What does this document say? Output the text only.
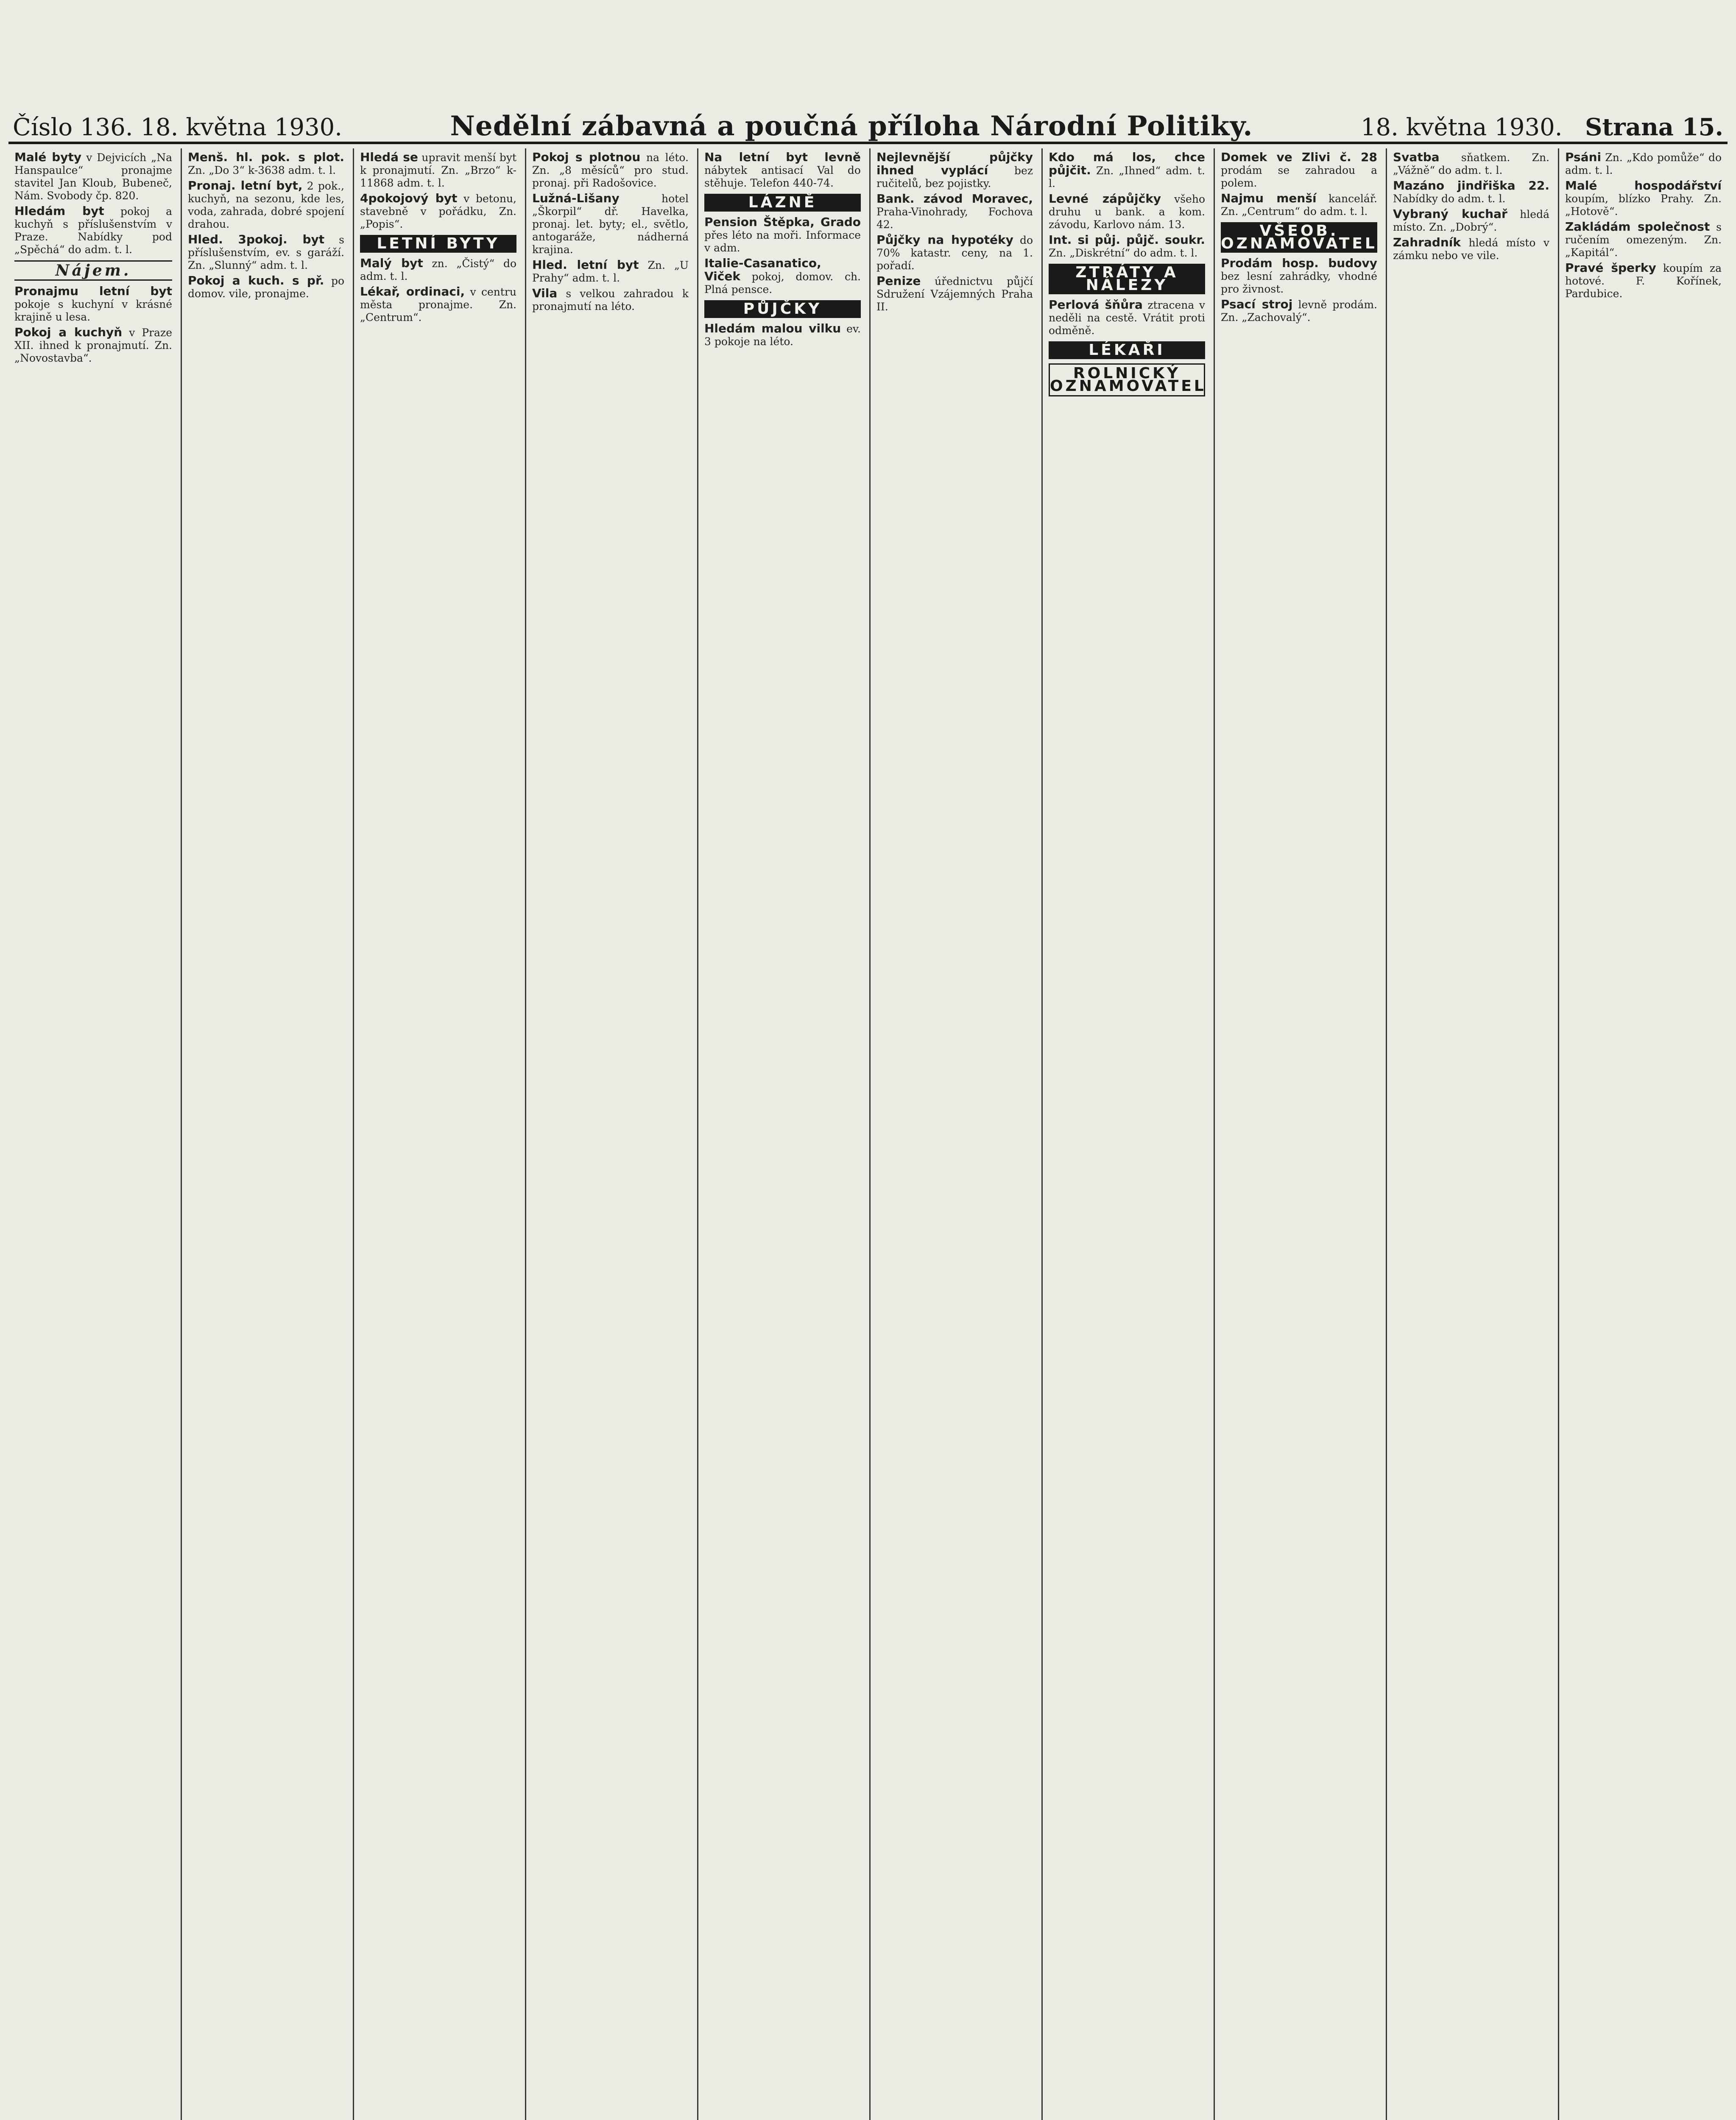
Číslo 136. 18. května 1930.	Nedělní zábavná a poučná příloha Národní Politiky.	18. května 1930. Strana 15.
Malé byty v Dejvicích „Na Hanspaulce“ pronajme stavitel Jan Kloub, Bubeneč, Nám. Svobody čp. 820.
Hledám byt pokoj a kuchyň s příslušenstvím v Praze. Nabídky pod „Spěchá“ do adm. t. l.
Nájem.
Pronajmu letní byt pokoje s kuchyní v krásné krajině u lesa.
Pokoj a kuchyň v Praze XII. ihned k pronajmutí. Zn. „Novostavba“.
Menš. hl. pok. s plot. Zn. „Do 3“ k-3638 adm. t. l.
Pronaj. letní byt, 2 pok., kuchyň, na sezonu, kde les, voda, zahrada, dobré spojení drahou.
Hled. 3pokoj. byt s příslušenstvím, ev. s garáží. Zn. „Slunný“ adm. t. l.
Pokoj a kuch. s př. po domov. vile, pronajme.
Hledá se upravit menší byt k pronajmutí. Zn. „Brzo“ k-11868 adm. t. l.
4pokojový byt v betonu, stavebně v pořádku, Zn. „Popis“.
LETNÍ BYTY
Malý byt zn. „Čistý“ do adm. t. l.
Lékař, ordinaci, v centru města pronajme. Zn. „Centrum“.
Pokoj s plotnou na léto. Zn. „8 měsíců“ pro stud. pronaj. při Radošovice.
Lužná-Lišany	hotel „Škorpil“ dř. Havelka, pronaj. let. byty; el., světlo, antogaráže, nádherná krajina.
Hled. letní byt Zn. „U Prahy“ adm. t. l.
Vila s velkou zahradou k pronajmutí na léto.
Na letní byt levně nábytek antisací Val do stěhuje. Telefon 440-74.
LÁZNĚ
Pension Štěpka, Grado přes léto na moři. Informace v adm.
Italie-Casanatico, Viček pokoj, domov. ch. Plná pensce.
PŮJČKY
Hledám malou vilku ev. 3 pokoje na léto.
Nejlevnější půjčky ihned vyplácí bez ručitelů, bez pojistky.
Bank. závod Moravec, Praha-Vinohrady, Fochova 42.
Půjčky na hypotéky do 70% katastr. ceny, na 1. pořadí.
Penize úřednictvu půjčí Sdružení Vzájemných Praha II.
Kdo má los, chce půjčit. Zn. „Ihned“ adm. t. l.
Levné zápůjčky všeho druhu u bank. a kom. závodu, Karlovo nám. 13.
Int. si půj. půjč. soukr. Zn. „Diskrétní“ do adm. t. l.
ZTRÁTY A NÁLEZY
Perlová šňůra ztracena v neděli na cestě. Vrátit proti odměně.
LÉKAŘI
ROLNICKÝ OZNAMOVATEL
Domek ve Zlivi č. 28 prodám se zahradou a polem.
Najmu menší kancelář. Zn. „Centrum“ do adm. t. l.
VŠEOB. OZNAMOVATEL
Prodám hosp. budovy bez lesní zahrádky, vhodné pro živnost.
Psací stroj levně prodám. Zn. „Zachovalý“.
Svatba sňatkem. Zn. „Vážně“ do adm. t. l.
Mazáno jindřiška 22. Nabídky do adm. t. l.
Vybraný kuchař hledá místo. Zn. „Dobrý“.
Zahradník hledá místo v zámku nebo ve vile.
Psáni Zn. „Kdo pomůže“ do adm. t. l.
Malé hospodářství koupím, blízko Prahy. Zn. „Hotově“.
Zakládám společnost s ručením omezeným. Zn. „Kapitál“.
Pravé šperky koupím za hotové. F. Kořínek, Pardubice.
